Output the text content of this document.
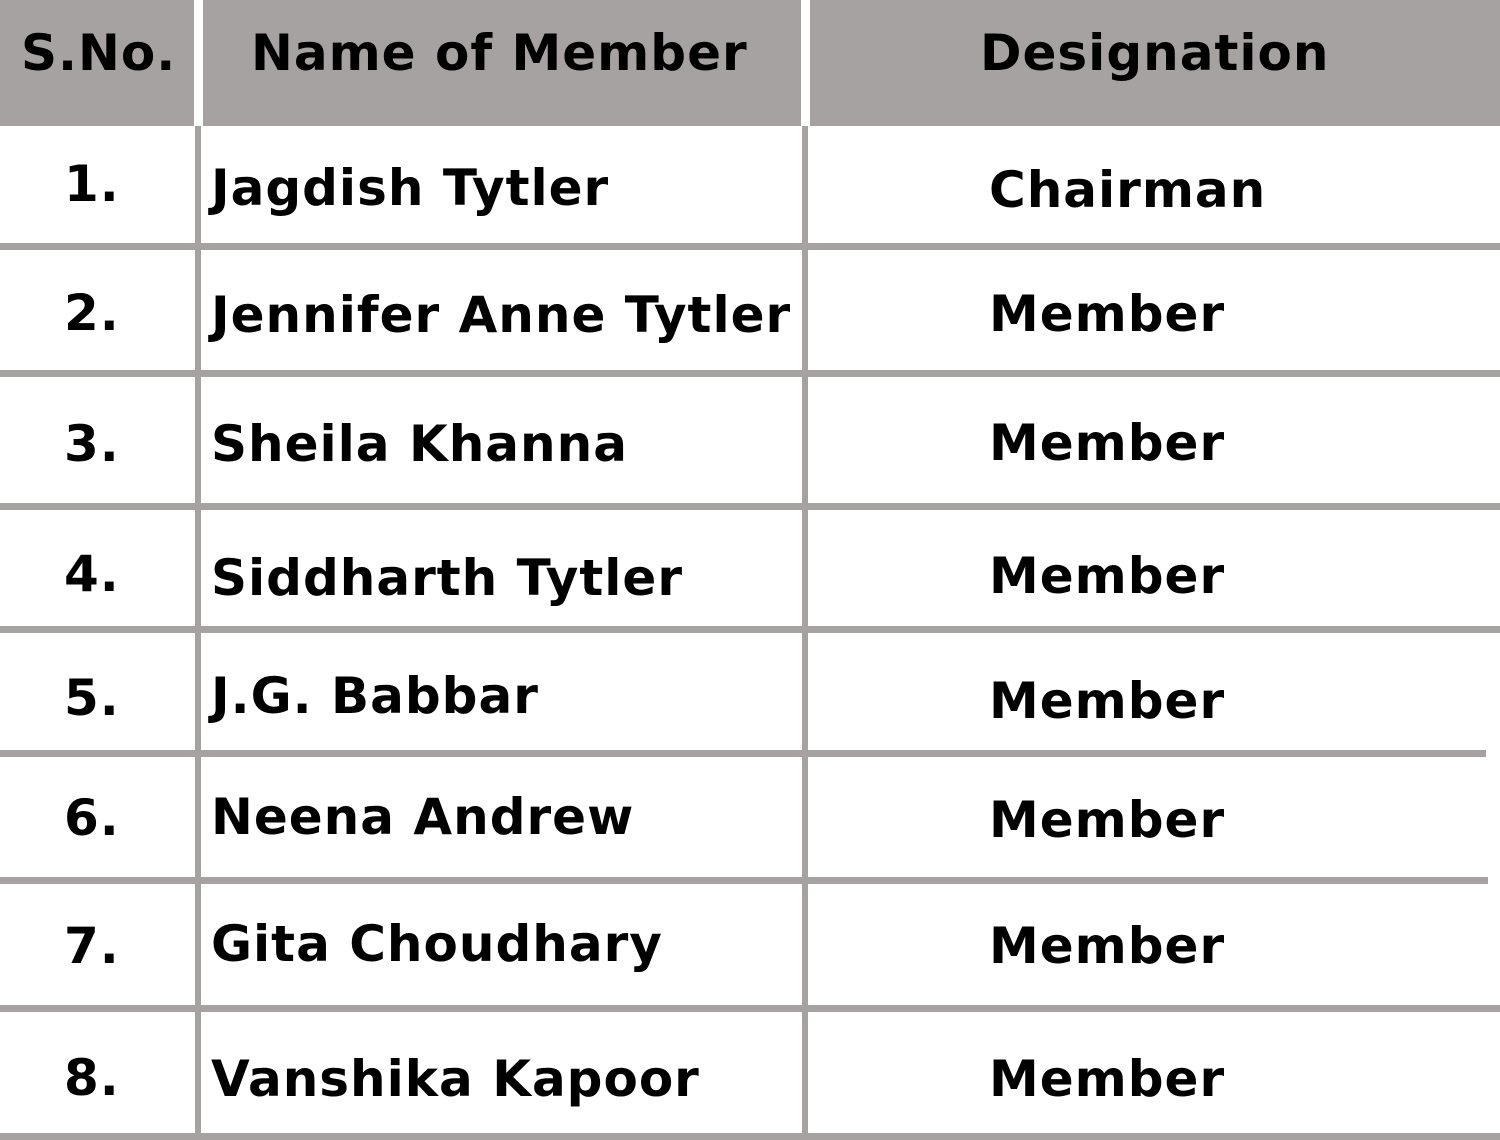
S.No. Name of Member	Designation
1. Jagdish Tytler	Chairman
2. Jennifer Anne Tytler	Member
3. Sheila Khanna	Member
4. Siddharth Tytler	Member
5. J.G. Babbar	Member
6. Neena Andrew	Member
7. Gita Choudhary	Member
8. Vanshika Kapoor	Member
